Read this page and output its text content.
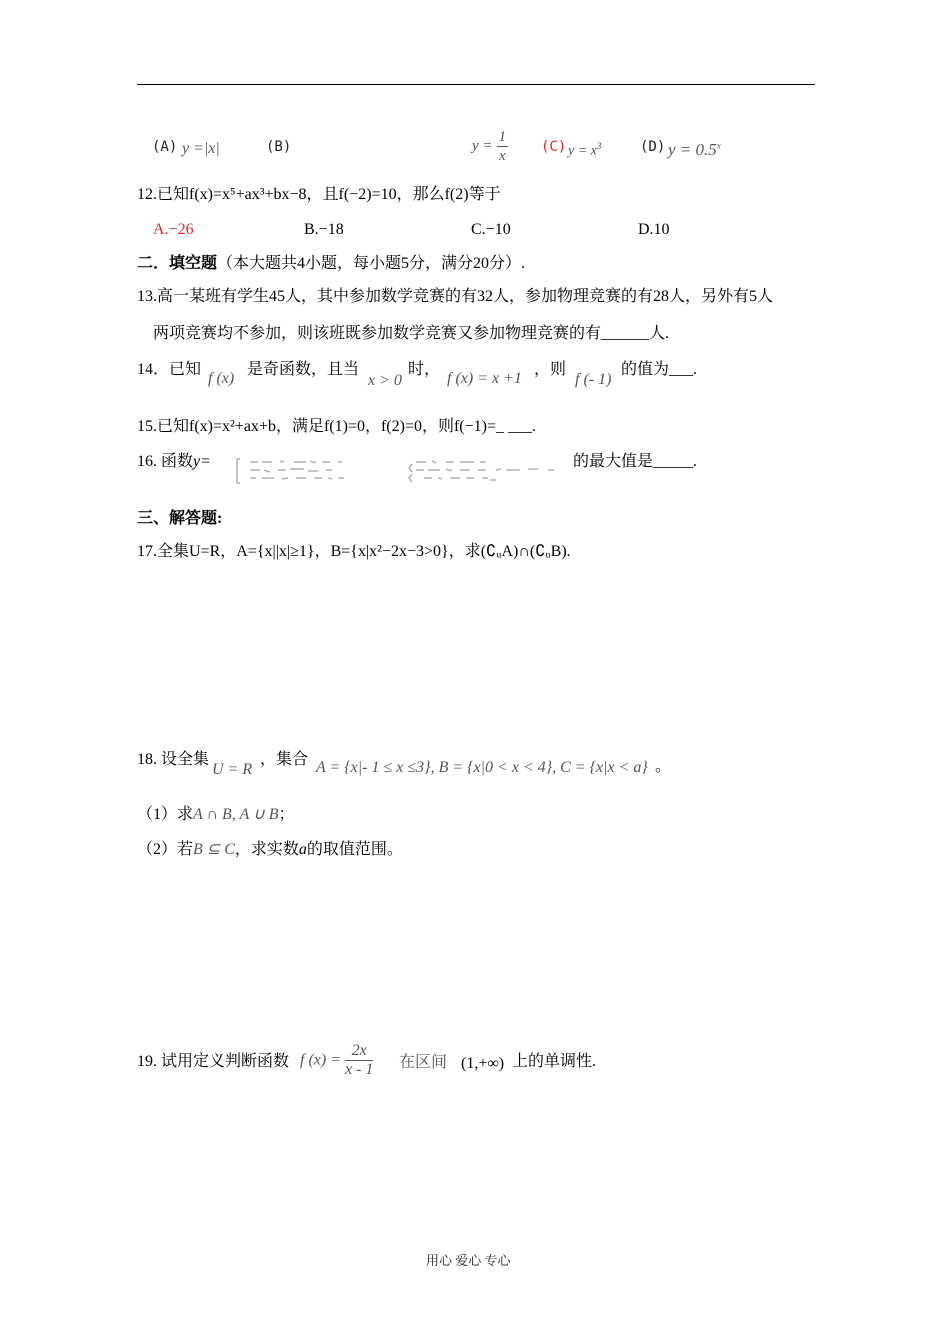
(A) y =|x|	(B)	$y = \frac{1}{x} (C) y = x^3$	(D) $y = 0.5^x$
12.已知f(x)=x⁵+ax³+bx−8，且f(−2)=10，那么f(2)等于
A.−26	B.−18	C.−10	D.10
二．填空题（本大题共4小题，每小题5分，满分20分）.
13.高一某班有学生45人，其中参加数学竞赛的有32人，参加物理竞赛的有28人，另外有5人
两项竞赛均不参加，则该班既参加数学竞赛又参加物理竞赛的有______人.
14．已知
f (x)
是奇函数，且当
x > 0
时，
f (x) = x +1
，则
f (- 1)
的值为___.
15.已知f(x)=x²+ax+b，满足f(1)=0，f(2)=0，则f(−1)=_ ___.
16. 函数y=	的最大值是_____.
三、解答题:
17.全集U=R，A={x||x|≥1}，B={x|x²−2x−3>0}，求(∁ᵤA)∩(∁ᵤB).
18. 设全集
U = R
，集合 A = {x|- 1 ≤ x ≤3}, B = {x|0 < x < 4}, C = {x|x < a} 。
（1）求A ∩ B, A ∪ B；
（2）若B ⊆ C，求实数a的取值范围。
19. 试用定义判断函数 f $(x) = \frac{2x}{x - 1}$ 在区间 (1,+∞) 上的单调性.
用心 爱心 专心
